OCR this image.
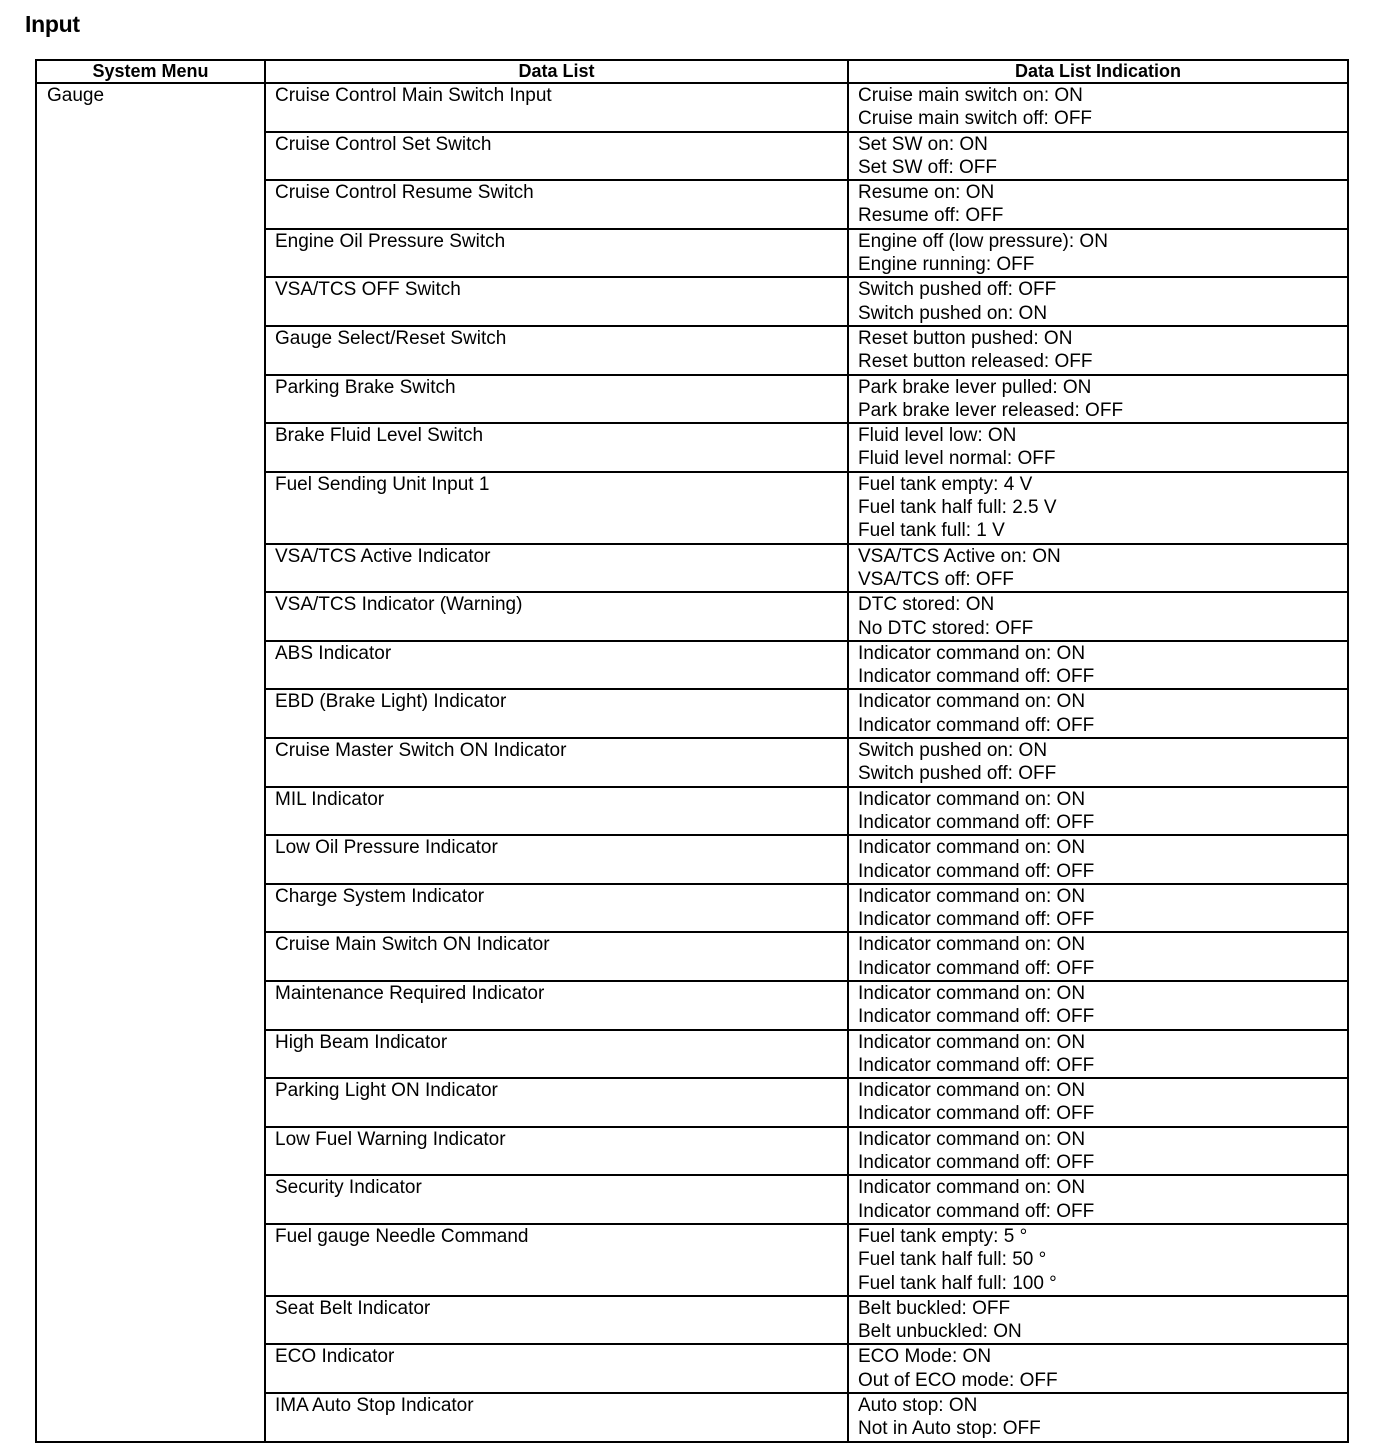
Input
System Menu	Data List	Data List Indication
Gauge	Cruise Control Main Switch Input	Cruise main switch on: ON
Cruise main switch off: OFF

	Cruise Control Set Switch	Set SW on: ON
Set SW off: OFF

	Cruise Control Resume Switch	Resume on: ON
Resume off: OFF

	Engine Oil Pressure Switch	Engine off (low pressure): ON
Engine running: OFF

	VSA/TCS OFF Switch	Switch pushed off: OFF
Switch pushed on: ON

	Gauge Select/Reset Switch	Reset button pushed: ON
Reset button released: OFF

	Parking Brake Switch	Park brake lever pulled: ON
Park brake lever released: OFF

	Brake Fluid Level Switch	Fluid level low: ON
Fluid level normal: OFF

	Fuel Sending Unit Input 1	Fuel tank empty: 4 V
Fuel tank half full: 2.5 V
Fuel tank full: 1 V

	VSA/TCS Active Indicator	VSA/TCS Active on: ON
VSA/TCS off: OFF

	VSA/TCS Indicator (Warning)	DTC stored: ON
No DTC stored: OFF

	ABS Indicator	Indicator command on: ON
Indicator command off: OFF

	EBD (Brake Light) Indicator	Indicator command on: ON
Indicator command off: OFF

	Cruise Master Switch ON Indicator	Switch pushed on: ON
Switch pushed off: OFF

	MIL Indicator	Indicator command on: ON
Indicator command off: OFF

	Low Oil Pressure Indicator	Indicator command on: ON
Indicator command off: OFF

	Charge System Indicator	Indicator command on: ON
Indicator command off: OFF

	Cruise Main Switch ON Indicator	Indicator command on: ON
Indicator command off: OFF

	Maintenance Required Indicator	Indicator command on: ON
Indicator command off: OFF

	High Beam Indicator	Indicator command on: ON
Indicator command off: OFF

	Parking Light ON Indicator	Indicator command on: ON
Indicator command off: OFF

	Low Fuel Warning Indicator	Indicator command on: ON
Indicator command off: OFF

	Security Indicator	Indicator command on: ON
Indicator command off: OFF

	Fuel gauge Needle Command	Fuel tank empty: 5 °
Fuel tank half full: 50 °
Fuel tank half full: 100 °

	Seat Belt Indicator	Belt buckled: OFF
Belt unbuckled: ON

	ECO Indicator	ECO Mode: ON
Out of ECO mode: OFF

	IMA Auto Stop Indicator	Auto stop: ON
Not in Auto stop: OFF
